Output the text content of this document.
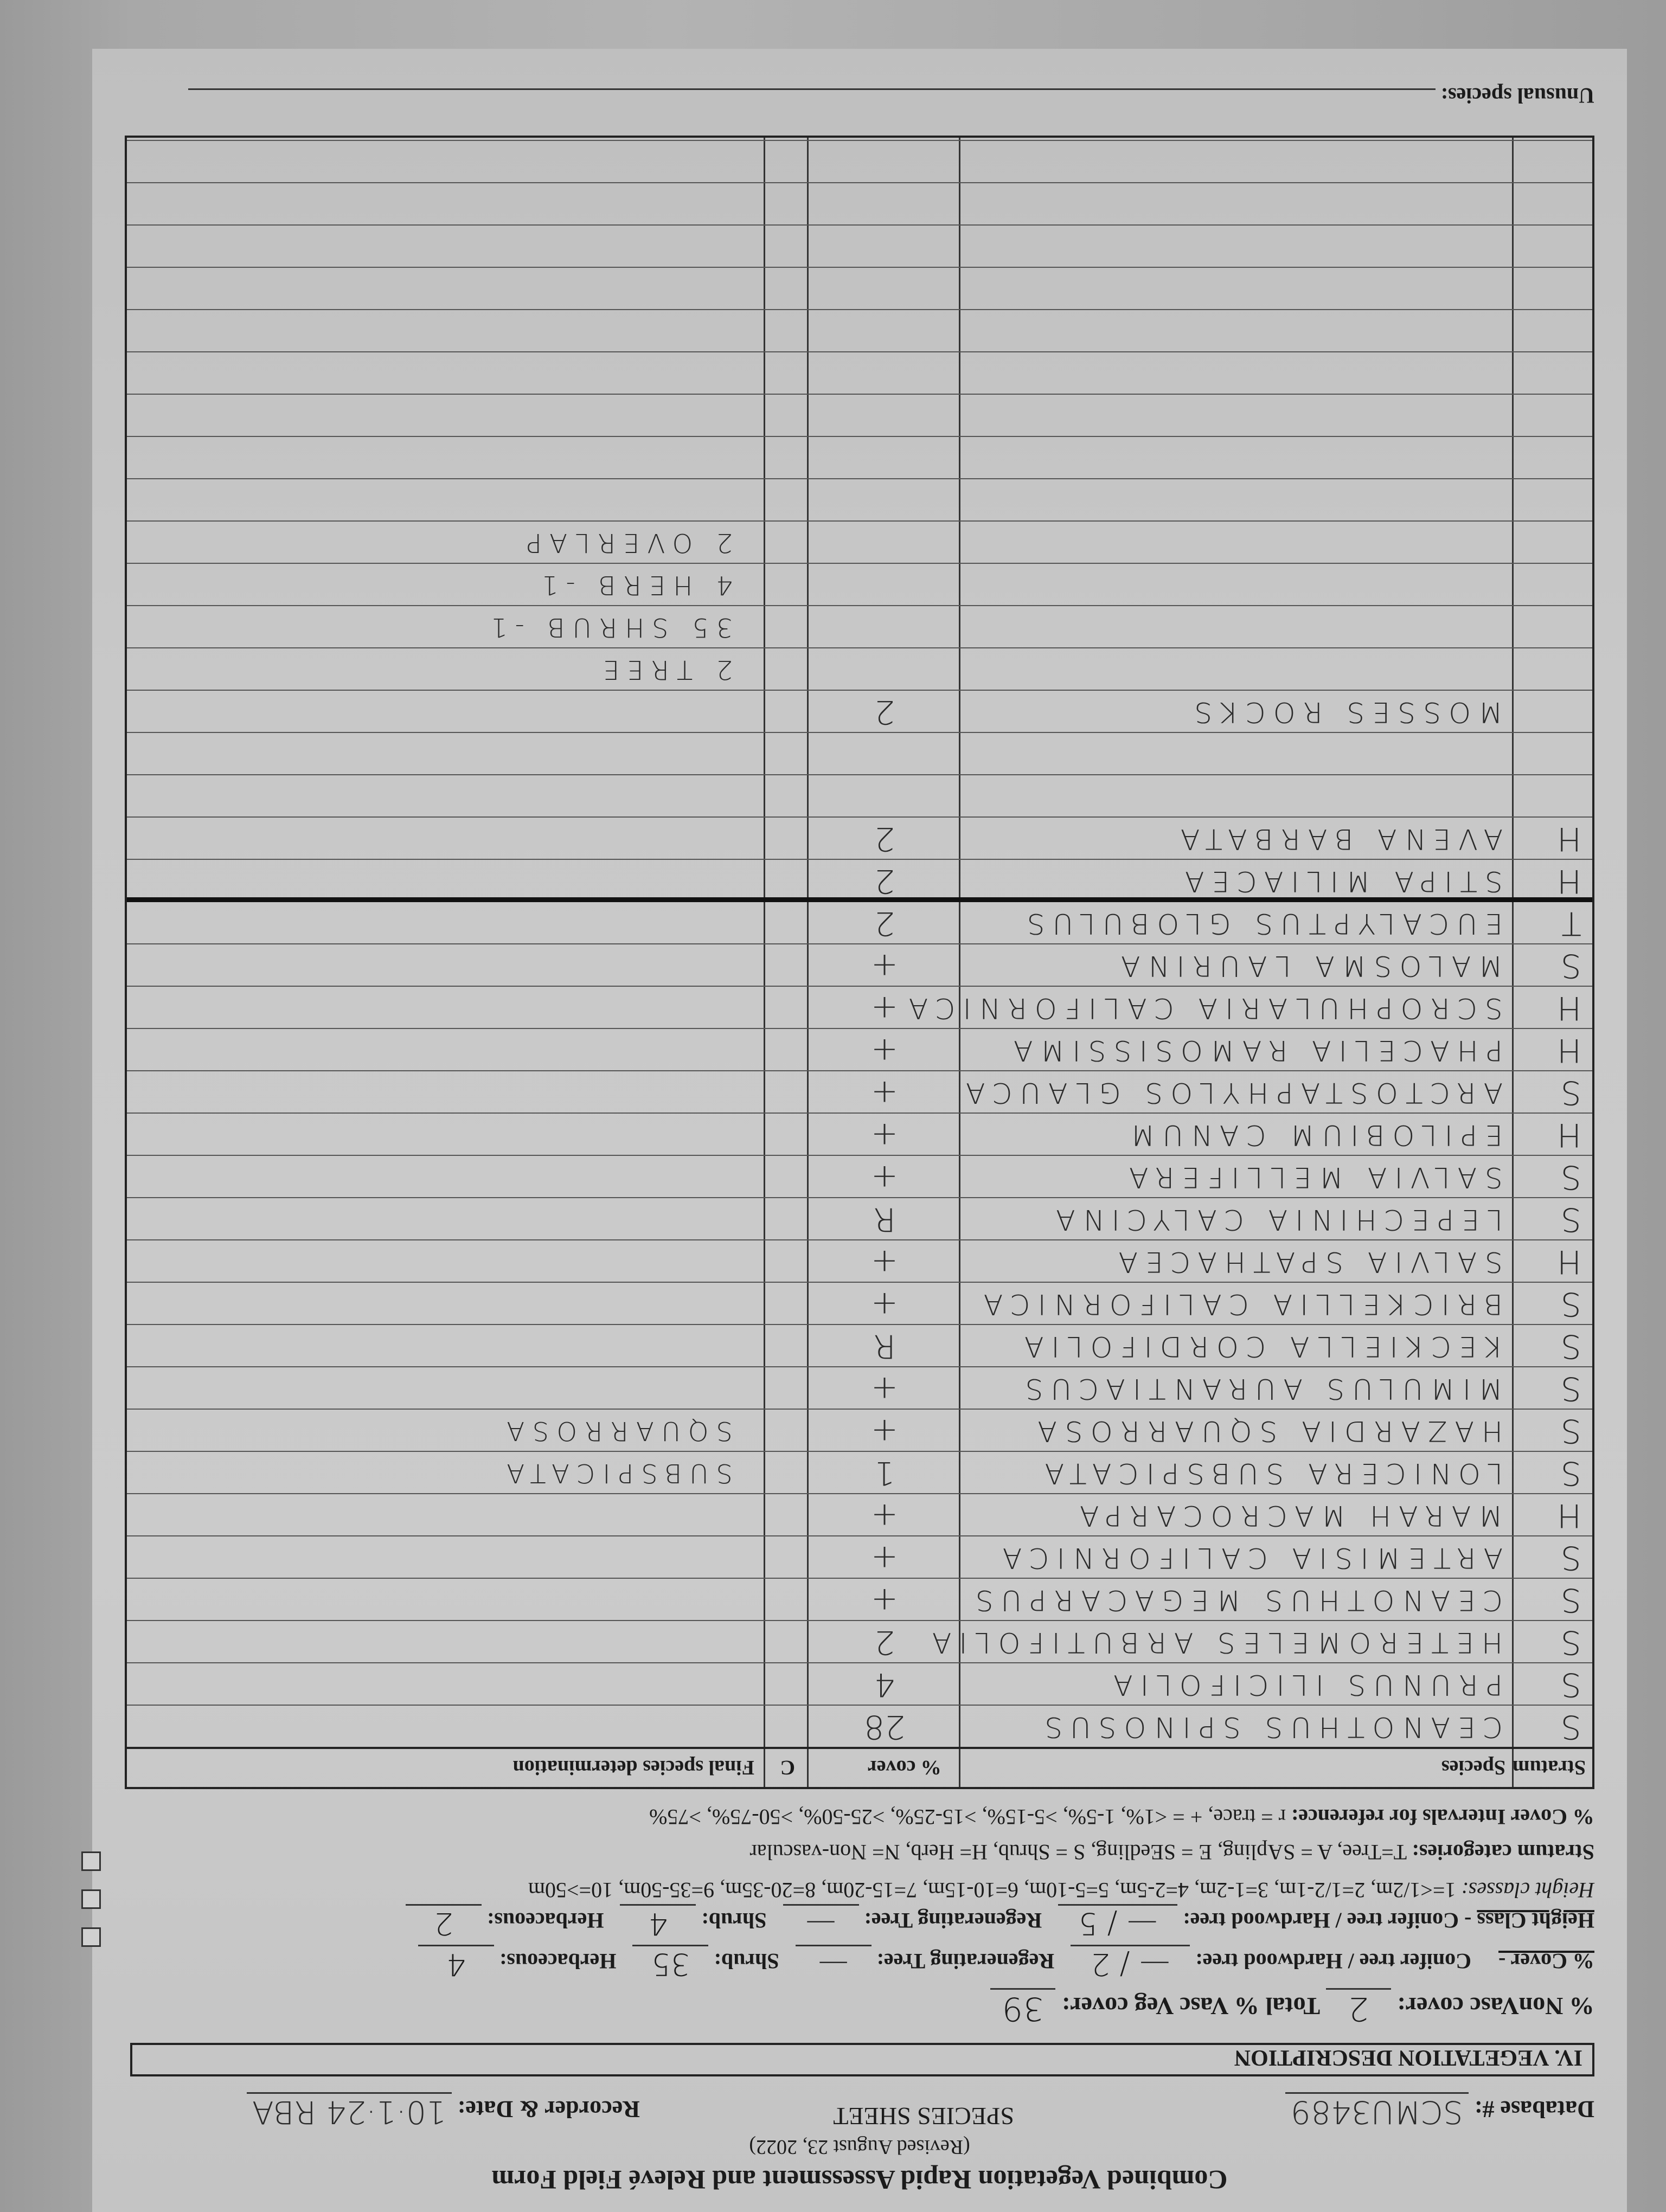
Combined Vegetation Rapid Assessment and Relevé Field Form
(Revised August 23, 2022)
Database #: SCMU3489
SPECIES SHEET
Recorder & Date: 10·1·24 RBA
IV. VEGETATION DESCRIPTION
% NonVasc cover: 2 Total % Vasc Veg cover: 39
% Cover -     Conifer tree / Hardwood tree: — / 2   Regenerating Tree: —   Shrub: 35   Herbaceous: 4
Height Class - Conifer tree / Hardwood tree: — / 5   Regenerating Tree: —   Shrub: 4   Herbaceous: 2
Height classes: 1=<1/2m, 2=1/2-1m, 3=1-2m, 4=2-5m, 5=5-10m, 6=10-15m, 7=15-20m, 8=20-35m, 9=35-50m, 10=>50m
Stratum categories: T=Tree, A = SApling, E = SEedling, S = Shrub, H= Herb, N= Non-vascular
% Cover Intervals for reference: r = trace, + = <1%, 1-5%, >5-15%, >15-25%, >25-50%, >50-75%, >75%
Stratum
Species
% cover
C
Final species determination
S
CEANOTHUS SPINOSUS
28
S
PRUNUS ILICIFOLIA
4
S
HETEROMELES ARBUTIFOLIA
2
S
CEANOTHUS MEGACARPUS
+
S
ARTEMISIA CALIFORNICA
+
H
MARAH MACROCARPA
+
S
LONICERA SUBSPICATA
1
SUBSPICATA
S
HAZARDIA SQUARROSA
+
SQUARROSA
S
MIMULUS AURANTIACUS
+
S
KECKIELLA CORDIFOLIA
R
S
BRICKELLIA CALIFORNICA
+
H
SALVIA SPATHACEA
+
S
LEPECHINIA CALYCINA
R
S
SALVIA MELLIFERA
+
H
EPILOBIUM CANUM
+
S
ARCTOSTAPHYLOS GLAUCA
+
H
PHACELIA RAMOSISSIMA
+
H
SCROPHULARIA CALIFORNICA
+
S
MALOSMA LAURINA
+
T
EUCALYPTUS GLOBULUS
2
H
STIPA MILIACEA
2
H
AVENA BARBATA
2
MOSSES ROCKS
2
2 TREE
35 SHRUB -1
4 HERB -1
2 OVERLAP
Unusual species:
